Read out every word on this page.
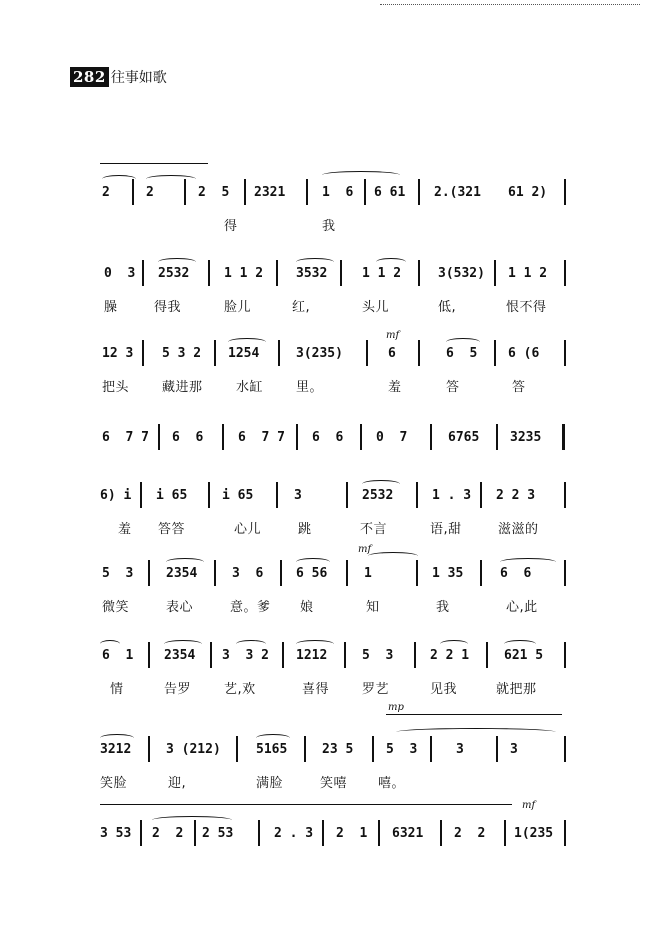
282 往事如歌
2	2	2  5 2321	1  6 6 61 2.(321 61 2)
得	我
0  3 2532	1 1 2	3532	1 1 2	3(532) 1 1 2
臊	得我	脸儿	红,	头儿	低,	恨不得
12 3 5 3 2 1254	3(235)	6	6  5 6 (6
mf
把头	藏进那	水缸	里。	羞	答	答
6  7 7 6  6	6  7 7 6  6	0  7	6765 3235
6) i i 65	i 65	3	2532	1 . 3 2 2 3
羞 答答	心儿	跳	不言	语,甜	滋滋的
5  3	2354	3  6	6 56	1	1 35	6  6
mf
微笑	表心	意。爹 娘	知	我	心,此
6  1 2354 3  3 2 1212	5  3	2 2 1	621 5
情	告罗	艺,欢	喜得	罗艺	见我	就把那
mp
3212	3 (212)	5165	23 5	5  3	3	3
笑脸	迎,	满脸	笑嘻 嘻。
mf
3 53 2  2 2 53	2 . 3 2  1 6321 2  2 1(235
